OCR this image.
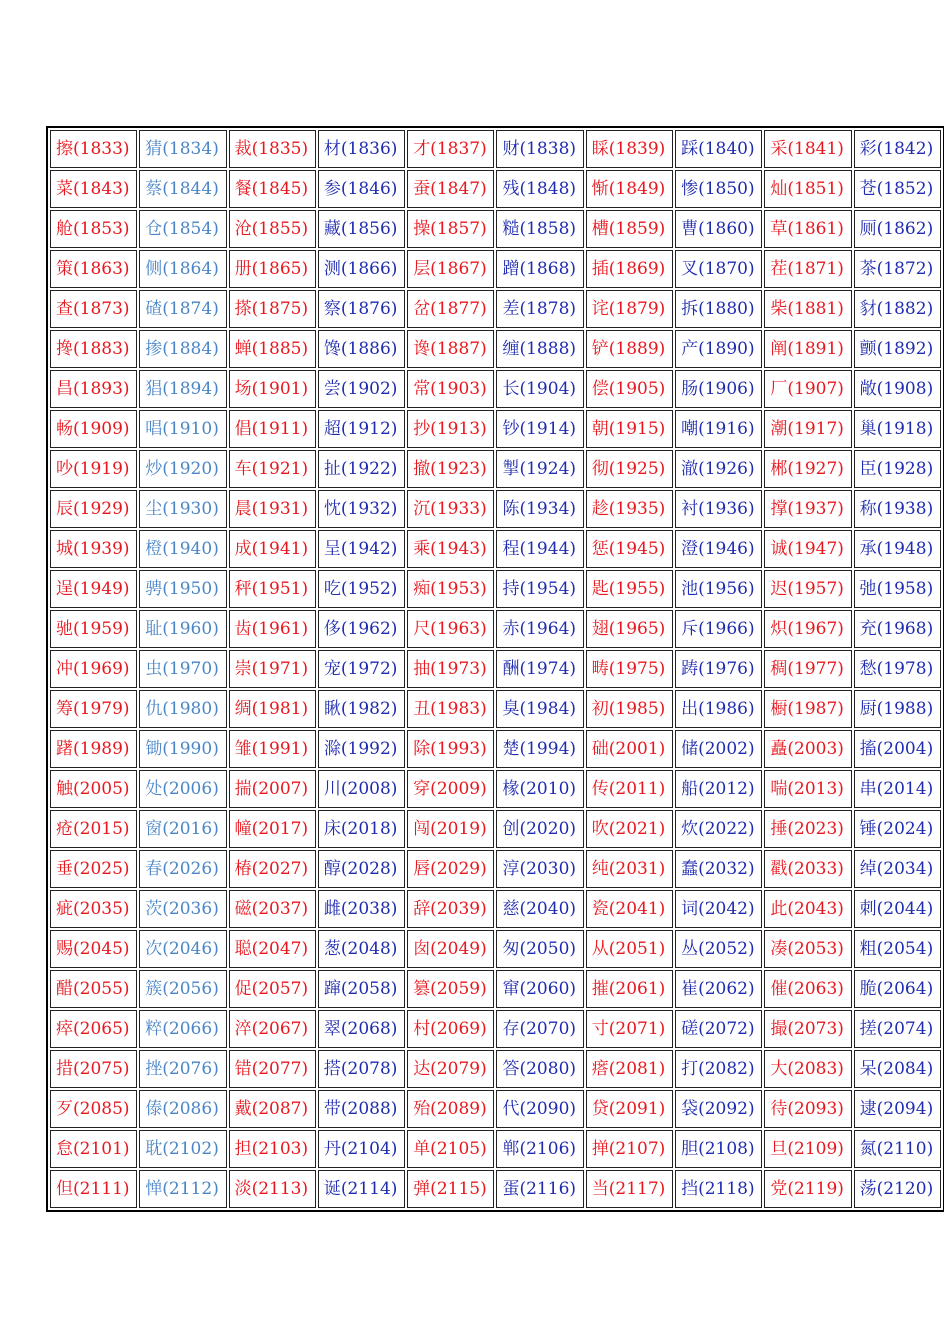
擦(1833)	猜(1834)	裁(1835)	材(1836)	才(1837)	财(1838)	睬(1839)	踩(1840)	采(1841)	彩(1842)
菜(1843)	蔡(1844)	餐(1845)	参(1846)	蚕(1847)	残(1848)	惭(1849)	惨(1850)	灿(1851)	苍(1852)
舱(1853)	仓(1854)	沧(1855)	藏(1856)	操(1857)	糙(1858)	槽(1859)	曹(1860)	草(1861)	厕(1862)
策(1863)	侧(1864)	册(1865)	测(1866)	层(1867)	蹭(1868)	插(1869)	叉(1870)	茬(1871)	茶(1872)
查(1873)	碴(1874)	搽(1875)	察(1876)	岔(1877)	差(1878)	诧(1879)	拆(1880)	柴(1881)	豺(1882)
搀(1883)	掺(1884)	蝉(1885)	馋(1886)	谗(1887)	缠(1888)	铲(1889)	产(1890)	阐(1891)	颤(1892)
昌(1893)	猖(1894)	场(1901)	尝(1902)	常(1903)	长(1904)	偿(1905)	肠(1906)	厂(1907)	敞(1908)
畅(1909)	唱(1910)	倡(1911)	超(1912)	抄(1913)	钞(1914)	朝(1915)	嘲(1916)	潮(1917)	巢(1918)
吵(1919)	炒(1920)	车(1921)	扯(1922)	撤(1923)	掣(1924)	彻(1925)	澈(1926)	郴(1927)	臣(1928)
辰(1929)	尘(1930)	晨(1931)	忱(1932)	沉(1933)	陈(1934)	趁(1935)	衬(1936)	撑(1937)	称(1938)
城(1939)	橙(1940)	成(1941)	呈(1942)	乘(1943)	程(1944)	惩(1945)	澄(1946)	诚(1947)	承(1948)
逞(1949)	骋(1950)	秤(1951)	吃(1952)	痴(1953)	持(1954)	匙(1955)	池(1956)	迟(1957)	弛(1958)
驰(1959)	耻(1960)	齿(1961)	侈(1962)	尺(1963)	赤(1964)	翅(1965)	斥(1966)	炽(1967)	充(1968)
冲(1969)	虫(1970)	崇(1971)	宠(1972)	抽(1973)	酬(1974)	畴(1975)	踌(1976)	稠(1977)	愁(1978)
筹(1979)	仇(1980)	绸(1981)	瞅(1982)	丑(1983)	臭(1984)	初(1985)	出(1986)	橱(1987)	厨(1988)
躇(1989)	锄(1990)	雏(1991)	滁(1992)	除(1993)	楚(1994)	础(2001)	储(2002)	矗(2003)	搐(2004)
触(2005)	处(2006)	揣(2007)	川(2008)	穿(2009)	椽(2010)	传(2011)	船(2012)	喘(2013)	串(2014)
疮(2015)	窗(2016)	幢(2017)	床(2018)	闯(2019)	创(2020)	吹(2021)	炊(2022)	捶(2023)	锤(2024)
垂(2025)	春(2026)	椿(2027)	醇(2028)	唇(2029)	淳(2030)	纯(2031)	蠢(2032)	戳(2033)	绰(2034)
疵(2035)	茨(2036)	磁(2037)	雌(2038)	辞(2039)	慈(2040)	瓷(2041)	词(2042)	此(2043)	刺(2044)
赐(2045)	次(2046)	聪(2047)	葱(2048)	囱(2049)	匆(2050)	从(2051)	丛(2052)	凑(2053)	粗(2054)
醋(2055)	簇(2056)	促(2057)	蹿(2058)	篡(2059)	窜(2060)	摧(2061)	崔(2062)	催(2063)	脆(2064)
瘁(2065)	粹(2066)	淬(2067)	翠(2068)	村(2069)	存(2070)	寸(2071)	磋(2072)	撮(2073)	搓(2074)
措(2075)	挫(2076)	错(2077)	搭(2078)	达(2079)	答(2080)	瘩(2081)	打(2082)	大(2083)	呆(2084)
歹(2085)	傣(2086)	戴(2087)	带(2088)	殆(2089)	代(2090)	贷(2091)	袋(2092)	待(2093)	逮(2094)
怠(2101)	耽(2102)	担(2103)	丹(2104)	单(2105)	郸(2106)	掸(2107)	胆(2108)	旦(2109)	氮(2110)
但(2111)	惮(2112)	淡(2113)	诞(2114)	弹(2115)	蛋(2116)	当(2117)	挡(2118)	党(2119)	荡(2120)
